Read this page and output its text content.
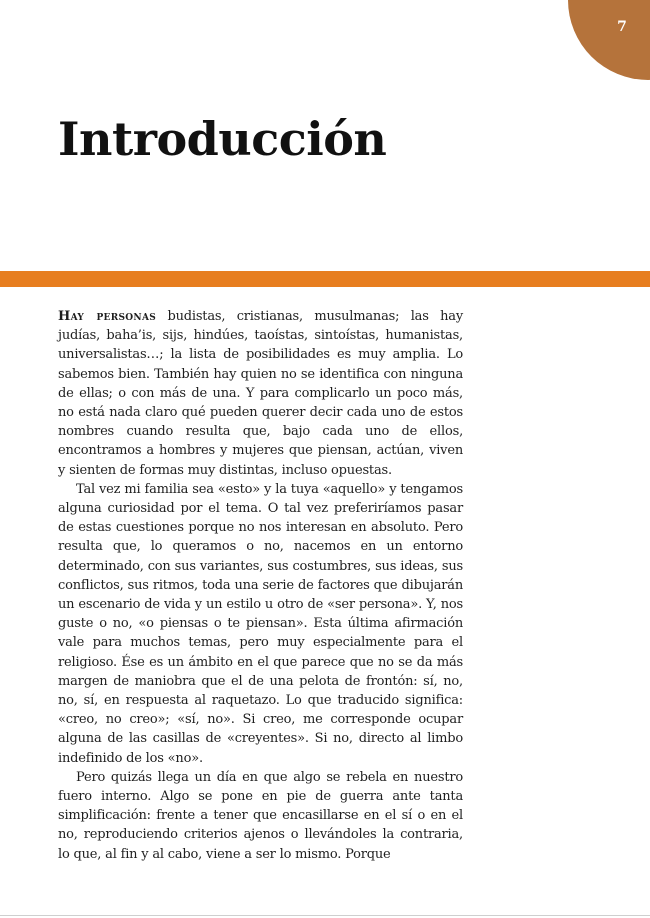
7
Introducción

Hay personas budistas, cristianas, musulmanas; las hay judías, baha’is, sijs, hindúes, taoístas, sintoístas, humanistas, universalistas…; la lista de posibilidades es muy amplia. Lo sabemos bien. También hay quien no se identifica con ninguna de ellas; o con más de una. Y para complicarlo un poco más, no está nada claro qué pueden querer decir cada uno de estos nombres cuando resulta que, bajo cada uno de ellos, encontramos a hombres y mujeres que piensan, actúan, viven y sienten de formas muy distintas, incluso opuestas.

Tal vez mi familia sea «esto» y la tuya «aquello» y tengamos alguna curiosidad por el tema. O tal vez preferiríamos pasar de estas cuestiones porque no nos interesan en absoluto. Pero resulta que, lo queramos o no, nacemos en un entorno determinado, con sus variantes, sus costumbres, sus ideas, sus conflictos, sus ritmos, toda una serie de factores que dibujarán un escenario de vida y un estilo u otro de «ser persona». Y, nos guste o no, «o piensas o te piensan». Esta última afirmación vale para muchos temas, pero muy especialmente para el religioso. Ése es un ámbito en el que parece que no se da más margen de maniobra que el de una pelota de frontón: sí, no, no, sí, en respuesta al raquetazo. Lo que traducido significa: «creo, no creo»; «sí, no». Si creo, me corresponde ocupar alguna de las casillas de «creyentes». Si no, directo al limbo indefinido de los «no».

Pero quizás llega un día en que algo se rebela en nuestro fuero interno. Algo se pone en pie de guerra ante tanta simplificación: frente a tener que encasillarse en el sí o en el no, reproduciendo criterios ajenos o llevándoles la contraria, lo que, al fin y al cabo, viene a ser lo mismo. Porque
